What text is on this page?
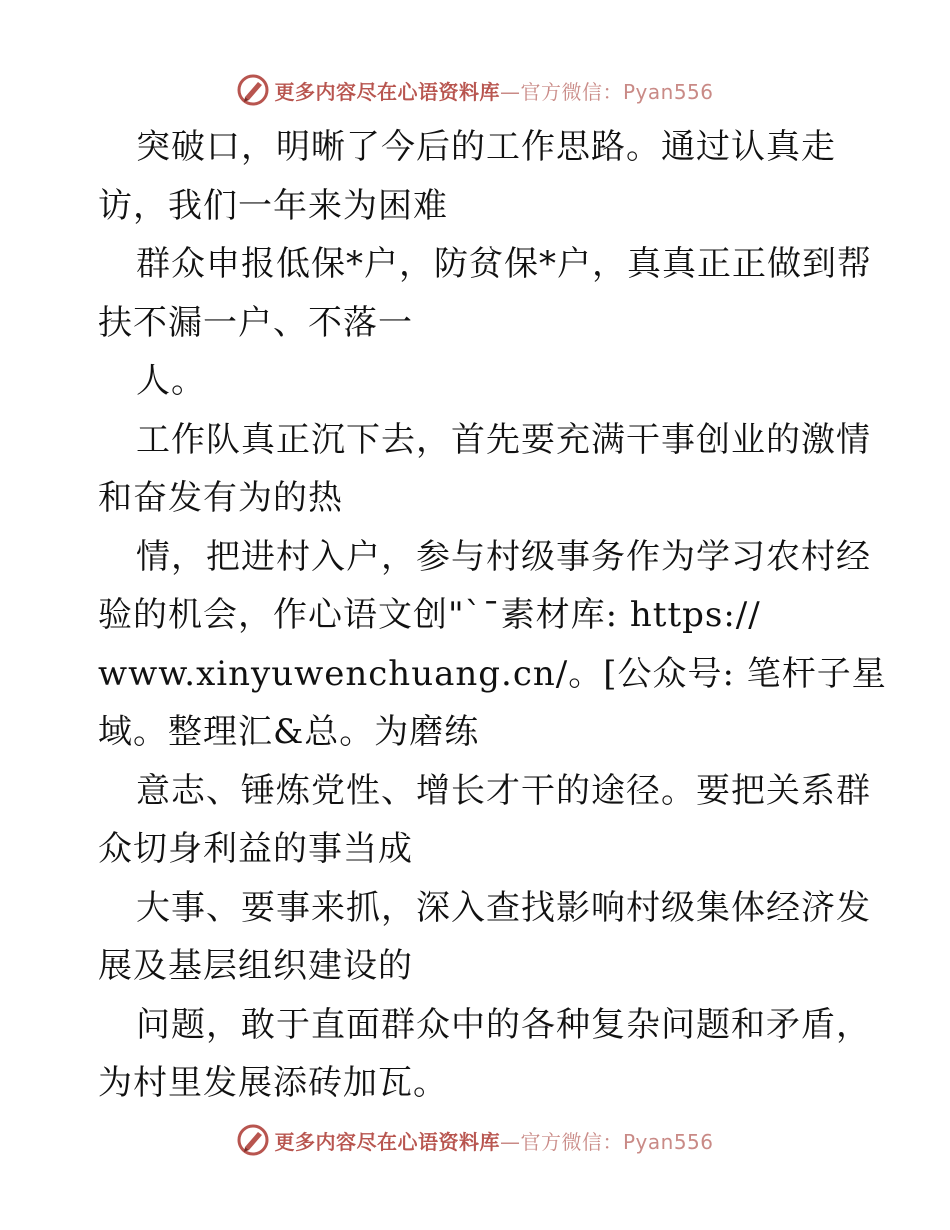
更多内容尽在心语资料库—官方微信：Pyan556
突破口，明晰了今后的工作思路。通过认真走
访，我们一年来为困难
群众申报低保*户，防贫保*户，真真正正做到帮
扶不漏一户、不落一
人。
工作队真正沉下去，首先要充满干事创业的激情
和奋发有为的热
情，把进村入户，参与村级事务作为学习农村经
验的机会，作心语文创"`¯素材库: https://
www.xinyuwenchuang.cn/。[公众号: 笔杆子星
域。整理汇&总。为磨练
意志、锤炼党性、增长才干的途径。要把关系群
众切身利益的事当成
大事、要事来抓，深入查找影响村级集体经济发
展及基层组织建设的
问题，敢于直面群众中的各种复杂问题和矛盾，
为村里发展添砖加瓦。
更多内容尽在心语资料库—官方微信：Pyan556
